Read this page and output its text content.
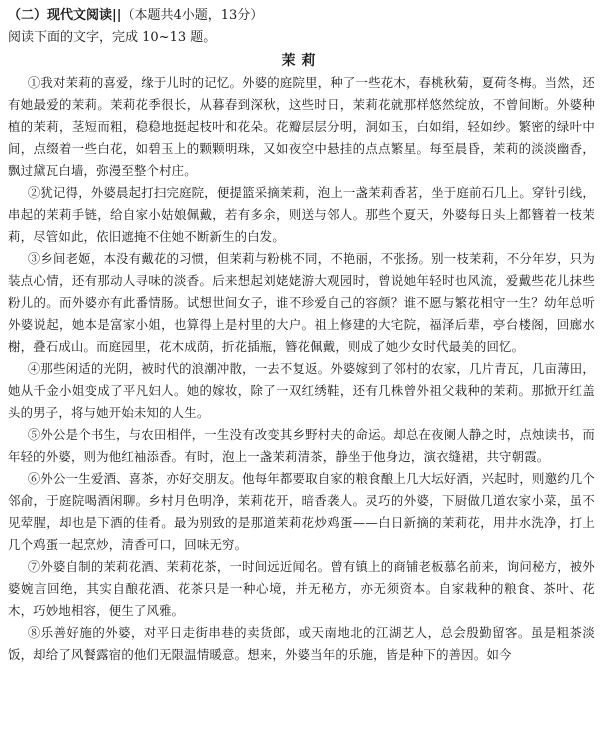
（二）现代文阅读||（本题共4小题，13分）
阅读下面的文字，完成 10~13 题。
茉莉

①我对茉莉的喜爱，缘于儿时的记忆。外婆的庭院里，种了一些花木，春桃秋菊，夏荷冬梅。当然，还有她最爱的茉莉。茉莉花季很长，从暮春到深秋，这些时日，茉莉花就那样悠然绽放，不曾间断。外婆种植的茉莉，茎短而粗，稳稳地挺起枝叶和花朵。花瓣层层分明，洞如玉，白如绢，轻如纱。繁密的绿叶中间，点缀着一些白花，如碧玉上的颗颗明珠，又如夜空中悬挂的点点繁星。每至晨昏，茉莉的淡淡幽香，飘过黛瓦白墙，弥漫至整个村庄。

②犹记得，外婆晨起打扫完庭院，便提篮采摘茉莉，泡上一盏茉莉香茗，坐于庭前石几上。穿针引线，串起的茉莉手链，给自家小姑娘佩戴，若有多余，则送与邻人。那些个夏天，外婆每日头上都簪着一枝茉莉，尽管如此，依旧遮掩不住她不断新生的白发。

③乡间老姬，本没有戴花的习惯，但茉莉与粉桃不同，不艳丽，不张扬。别一枝茉莉，不分年岁，只为装点心情，还有那动人寻味的淡香。后来想起刘姥姥游大观园时，曾说她年轻时也风流，爱戴些花儿抹些粉儿的。而外婆亦有此番情肠。试想世间女子，谁不珍爱自己的容颜？谁不愿与繁花相守一生？幼年总听外婆说起，她本是富家小姐，也算得上是村里的大户。祖上修建的大宅院，福泽后辈，亭台楼阁，回廊水榭，叠石成山。而庭园里，花木成荫，折花插瓶，簪花佩戴，则成了她少女时代最美的回忆。

④那些闲适的光阴，被时代的浪潮冲散，一去不复返。外婆嫁到了邻村的农家，几片青瓦，几亩薄田，她从千金小姐变成了平凡妇人。她的嫁妆，除了一双红绣鞋，还有几株曾外祖父栽种的茉莉。那掀开红盖头的男子，将与她开始未知的人生。

⑤外公是个书生，与农田相伴，一生没有改变其乡野村夫的命运。却总在夜阑人静之时，点烛读书，而年轻的外婆，则为他红袖添香。有时，泡上一盏茉莉清茶，静坐于他身边，演衣缝裙，共守朝霞。

⑥外公一生爱酒、喜茶，亦好交朋友。他每年都要取自家的粮食酿上几大坛好酒，兴起时，则邀约几个邻俞，于庭院喝酒闲聊。乡村月色明净，茉莉花开，暗香袭人。灵巧的外婆，下厨做几道农家小菜，虽不见荤腥，却也是下酒的佳肴。最为别致的是那道茉莉花炒鸡蛋——白日新摘的茉莉花，用井水洗净，打上几个鸡蛋一起烹炒，清香可口，回味无穷。

⑦外婆自制的茉莉花酒、茉莉花茶，一时间远近闻名。曾有镇上的商铺老板慕名前来，询问秘方，被外婆婉言回绝，其实自酿花酒、花茶只是一种心境，并无秘方，亦无须资本。自家栽种的粮食、茶叶、花木，巧妙地相容，便生了风雅。

⑧乐善好施的外婆，对平日走街串巷的卖货郎，或天南地北的江湖艺人，总会殷勤留客。虽是粗茶淡饭，却给了风餐露宿的他们无限温情暖意。想来，外婆当年的乐施，皆是种下的善因。如今
